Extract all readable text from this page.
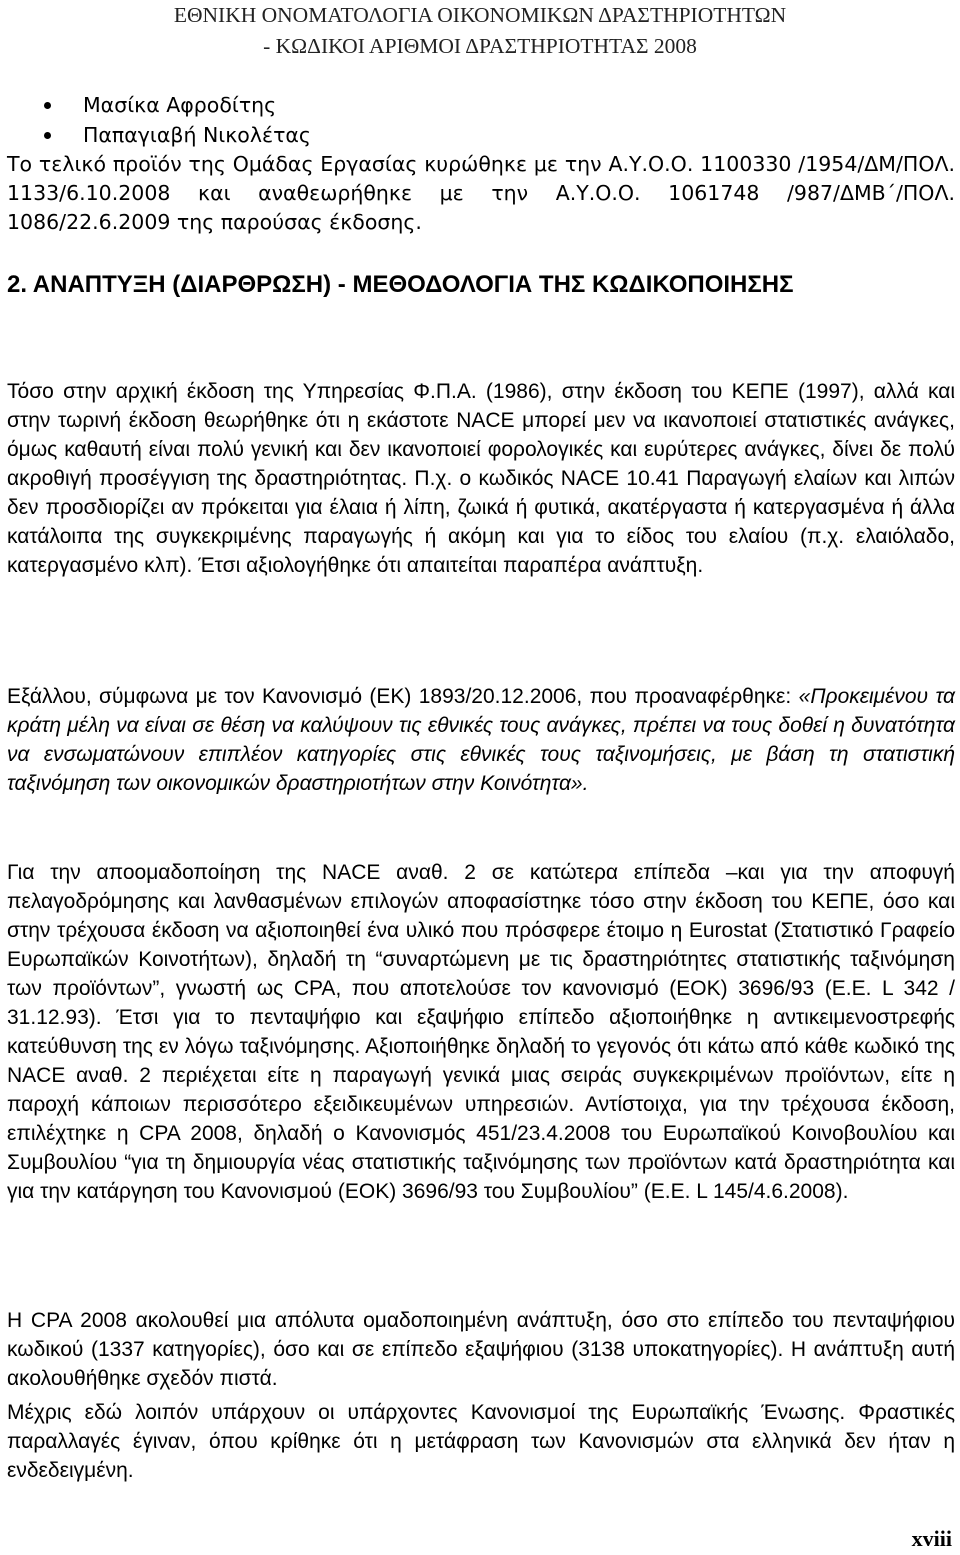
ΕΘΝΙΚΗ ΟΝΟΜΑΤΟΛΟΓΙΑ ΟΙΚΟΝΟΜΙΚΩΝ ΔΡΑΣΤΗΡΙΟΤΗΤΩΝ
- ΚΩΔΙΚΟΙ ΑΡΙΘΜΟΙ ΔΡΑΣΤΗΡΙΟΤΗΤΑΣ 2008
Μασίκα Αφροδίτης
Παπαγιαβή Νικολέτας

Το τελικό προϊόν της Ομάδας Εργασίας κυρώθηκε με την Α.Υ.Ο.Ο. 1100330 /1954/ΔΜ/ΠΟΛ. 1133/6.10.2008 και αναθεωρήθηκε με την Α.Υ.Ο.Ο. 1061748 /987/ΔΜΒ΄/ΠΟΛ. 1086/22.6.2009 της παρούσας έκδοσης.

2. ΑΝΑΠΤΥΞΗ (ΔΙΑΡΘΡΩΣΗ) - ΜΕΘΟΔΟΛΟΓΙΑ ΤΗΣ ΚΩΔΙΚΟΠΟΙΗΣΗΣ

Τόσο στην αρχική έκδοση της Υπηρεσίας Φ.Π.Α. (1986), στην έκδοση του ΚΕΠΕ (1997), αλλά και στην τωρινή έκδοση θεωρήθηκε ότι η εκάστοτε NACE μπορεί μεν να ικανοποιεί στατιστικές ανάγκες, όμως καθαυτή είναι πολύ γενική και δεν ικανοποιεί φορολογικές και ευρύτερες ανάγκες, δίνει δε πολύ ακροθιγή προσέγγιση της δραστηριότητας. Π.χ. ο κωδικός NACE 10.41 Παραγωγή ελαίων και λιπών δεν προσδιορίζει αν πρόκειται για έλαια ή λίπη, ζωικά ή φυτικά, ακατέργαστα ή κατεργασμένα ή άλλα κατάλοιπα της συγκεκριμένης παραγωγής ή ακόμη και για το είδος του ελαίου (π.χ. ελαιόλαδο, κατεργασμένο κλπ). Έτσι αξιολογήθηκε ότι απαιτείται παραπέρα ανάπτυξη.

Εξάλλου, σύμφωνα με τον Κανονισμό (ΕΚ) 1893/20.12.2006, που προαναφέρθηκε: «Προκειμένου τα κράτη μέλη να είναι σε θέση να καλύψουν τις εθνικές τους ανάγκες, πρέπει να τους δοθεί η δυνατότητα να ενσωματώνουν επιπλέον κατηγορίες στις εθνικές τους ταξινομήσεις, με βάση τη στατιστική ταξινόμηση των οικονομικών δραστηριοτήτων στην Κοινότητα».

Για την αποομαδοποίηση της NACE αναθ. 2 σε κατώτερα επίπεδα –και για την αποφυγή πελαγοδρόμησης και λανθασμένων επιλογών αποφασίστηκε τόσο στην έκδοση του ΚΕΠΕ, όσο και στην τρέχουσα έκδοση να αξιοποιηθεί ένα υλικό που πρόσφερε έτοιμο η Eurostat (Στατιστικό Γραφείο Ευρωπαϊκών Κοινοτήτων), δηλαδή τη “συναρτώμενη με τις δραστηριότητες στατιστικής ταξινόμηση των προϊόντων”, γνωστή ως CPA, που αποτελούσε τον κανονισμό (ΕΟΚ) 3696/93 (Ε.Ε. L 342 / 31.12.93). Έτσι για το πενταψήφιο και εξαψήφιο επίπεδο αξιοποιήθηκε η αντικειμενοστρεφής κατεύθυνση της εν λόγω ταξινόμησης. Αξιοποιήθηκε δηλαδή το γεγονός ότι κάτω από κάθε κωδικό της NACE αναθ. 2 περιέχεται είτε η παραγωγή γενικά μιας σειράς συγκεκριμένων προϊόντων, είτε η παροχή κάποιων περισσότερο εξειδικευμένων υπηρεσιών. Αντίστοιχα, για την τρέχουσα έκδοση, επιλέχτηκε η CPA 2008, δηλαδή ο Κανονισμός 451/23.4.2008 του Ευρωπαϊκού Κοινοβουλίου και Συμβουλίου “για τη δημιουργία νέας στατιστικής ταξινόμησης των προϊόντων κατά δραστηριότητα και για την κατάργηση του Κανονισμού (ΕΟΚ) 3696/93 του Συμβουλίου” (Ε.Ε. L 145/4.6.2008).

Η CPA 2008 ακολουθεί μια απόλυτα ομαδοποιημένη ανάπτυξη, όσο στο επίπεδο του πενταψήφιου κωδικού (1337 κατηγορίες), όσο και σε επίπεδο εξαψήφιου (3138 υποκατηγορίες). Η ανάπτυξη αυτή ακολουθήθηκε σχεδόν πιστά.

Μέχρις εδώ λοιπόν υπάρχουν οι υπάρχοντες Κανονισμοί της Ευρωπαϊκής Ένωσης. Φραστικές παραλλαγές έγιναν, όπου κρίθηκε ότι η μετάφραση των Κανονισμών στα ελληνικά δεν ήταν η ενδεδειγμένη.

xviii
